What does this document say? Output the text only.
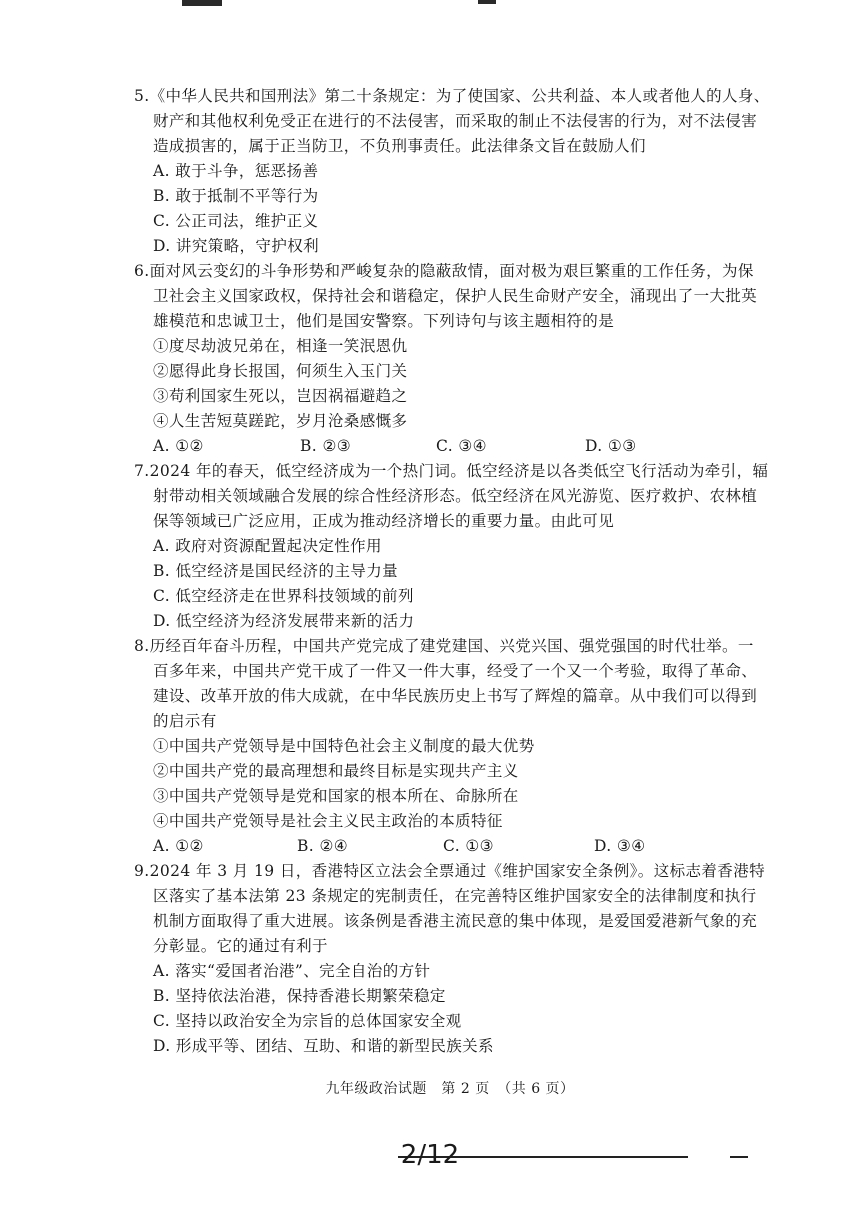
5.《中华人民共和国刑法》第二十条规定：为了使国家、公共利益、本人或者他人的人身、
财产和其他权利免受正在进行的不法侵害，而采取的制止不法侵害的行为，对不法侵害
造成损害的，属于正当防卫，不负刑事责任。此法律条文旨在鼓励人们
A. 敢于斗争，惩恶扬善
B. 敢于抵制不平等行为
C. 公正司法，维护正义
D. 讲究策略，守护权利
6.面对风云变幻的斗争形势和严峻复杂的隐蔽敌情，面对极为艰巨繁重的工作任务，为保
卫社会主义国家政权，保持社会和谐稳定，保护人民生命财产安全，涌现出了一大批英
雄模范和忠诚卫士，他们是国安警察。下列诗句与该主题相符的是
①度尽劫波兄弟在，相逢一笑泯恩仇
②愿得此身长报国，何须生入玉门关
③苟利国家生死以，岂因祸福避趋之
④人生苦短莫蹉跎，岁月沧桑感慨多
A. ①②	B. ②③	C. ③④	D. ①③
7.2024 年的春天，低空经济成为一个热门词。低空经济是以各类低空飞行活动为牵引，辐
射带动相关领域融合发展的综合性经济形态。低空经济在风光游览、医疗救护、农林植
保等领域已广泛应用，正成为推动经济增长的重要力量。由此可见
A. 政府对资源配置起决定性作用
B. 低空经济是国民经济的主导力量
C. 低空经济走在世界科技领域的前列
D. 低空经济为经济发展带来新的活力
8.历经百年奋斗历程，中国共产党完成了建党建国、兴党兴国、强党强国的时代壮举。一
百多年来，中国共产党干成了一件又一件大事，经受了一个又一个考验，取得了革命、
建设、改革开放的伟大成就，在中华民族历史上书写了辉煌的篇章。从中我们可以得到
的启示有
①中国共产党领导是中国特色社会主义制度的最大优势
②中国共产党的最高理想和最终目标是实现共产主义
③中国共产党领导是党和国家的根本所在、命脉所在
④中国共产党领导是社会主义民主政治的本质特征
A. ①②	B. ②④	C. ①③	D. ③④
9.2024 年 3 月 19 日，香港特区立法会全票通过《维护国家安全条例》。这标志着香港特
区落实了基本法第 23 条规定的宪制责任，在完善特区维护国家安全的法律制度和执行
机制方面取得了重大进展。该条例是香港主流民意的集中体现，是爱国爱港新气象的充
分彰显。它的通过有利于
A. 落实“爱国者治港”、完全自治的方针
B. 坚持依法治港，保持香港长期繁荣稳定
C. 坚持以政治安全为宗旨的总体国家安全观
D. 形成平等、团结、互助、和谐的新型民族关系
九年级政治试题　第 2 页　（共 6 页）
2/12
